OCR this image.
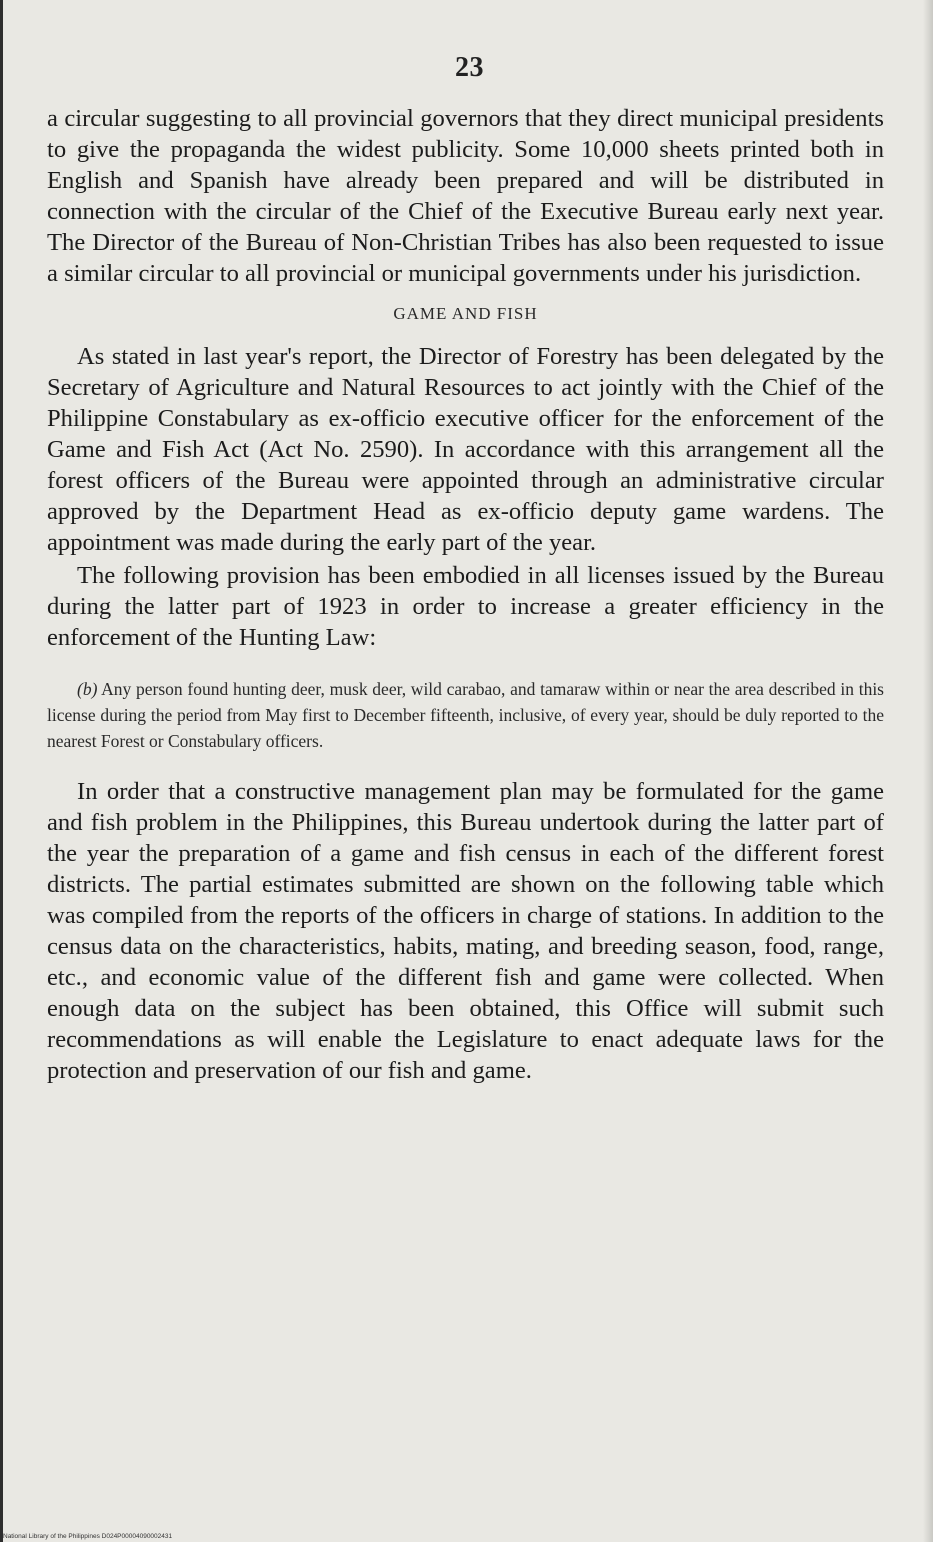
23

a circular suggesting to all provincial governors that they direct municipal presidents to give the propaganda the widest publicity. Some 10,000 sheets printed both in English and Spanish have already been prepared and will be distributed in connection with the circular of the Chief of the Executive Bureau early next year. The Director of the Bureau of Non-Christian Tribes has also been requested to issue a similar circular to all provincial or municipal governments under his jurisdiction.

GAME AND FISH

As stated in last year's report, the Director of Forestry has been delegated by the Secretary of Agriculture and Natural Resources to act jointly with the Chief of the Philippine Constabulary as ex-officio executive officer for the enforcement of the Game and Fish Act (Act No. 2590). In accordance with this arrangement all the forest officers of the Bureau were appointed through an administrative circular approved by the Department Head as ex-officio deputy game wardens. The appointment was made during the early part of the year.

The following provision has been embodied in all licenses issued by the Bureau during the latter part of 1923 in order to increase a greater efficiency in the enforcement of the Hunting Law:

(b) Any person found hunting deer, musk deer, wild carabao, and tamaraw within or near the area described in this license during the period from May first to December fifteenth, inclusive, of every year, should be duly reported to the nearest Forest or Constabulary officers.

In order that a constructive management plan may be formulated for the game and fish problem in the Philippines, this Bureau undertook during the latter part of the year the preparation of a game and fish census in each of the different forest districts. The partial estimates submitted are shown on the following table which was compiled from the reports of the officers in charge of stations. In addition to the census data on the characteristics, habits, mating, and breeding season, food, range, etc., and economic value of the different fish and game were collected. When enough data on the subject has been obtained, this Office will submit such recommendations as will enable the Legislature to enact adequate laws for the protection and preservation of our fish and game.

National Library of the Philippines D024P00004090002431
